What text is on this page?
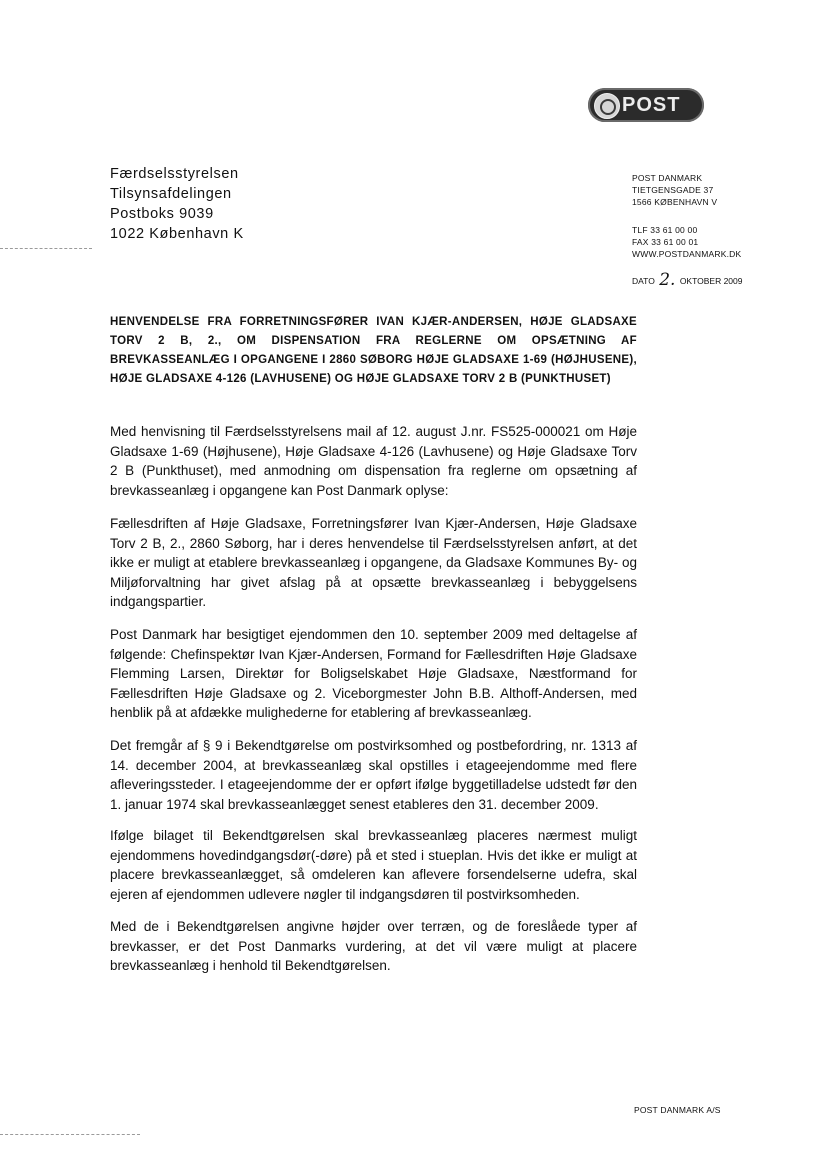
POST
Færdselsstyrelsen
Tilsynsafdelingen
Postboks 9039
1022 København K
POST DANMARK
TIETGENSGADE 37
1566 KØBENHAVN V
TLF 33 61 00 00
FAX 33 61 00 01
WWW.POSTDANMARK.DK
DATO 2. OKTOBER 2009
HENVENDELSE FRA FORRETNINGSFØRER IVAN KJÆR-ANDERSEN, HØJE GLADSAXE TORV 2 B, 2., OM DISPENSATION FRA REGLERNE OM OPSÆTNING AF BREVKASSEANLÆG I OPGANGENE I 2860 SØBORG HØJE GLADSAXE 1-69 (HØJHUSENE), HØJE GLADSAXE 4-126 (LAVHUSENE) OG HØJE GLADSAXE TORV 2 B (PUNKTHUSET)

Med henvisning til Færdselsstyrelsens mail af 12. august J.nr. FS525-000021 om Høje Gladsaxe 1-69 (Højhusene), Høje Gladsaxe 4-126 (Lavhusene) og Høje Gladsaxe Torv 2 B (Punkthuset), med anmodning om dispensation fra reglerne om opsætning af brevkasseanlæg i opgangene kan Post Danmark oplyse:

Fællesdriften af Høje Gladsaxe, Forretningsfører Ivan Kjær-Andersen, Høje Gladsaxe Torv 2 B, 2., 2860 Søborg, har i deres henvendelse til Færdselsstyrelsen anført, at det ikke er muligt at etablere brevkasseanlæg i opgangene, da Gladsaxe Kommunes By- og Miljøforvaltning har givet afslag på at opsætte brevkasseanlæg i bebyggelsens indgangspartier.

Post Danmark har besigtiget ejendommen den 10. september 2009 med deltagelse af følgende: Chefinspektør Ivan Kjær-Andersen, Formand for Fællesdriften Høje Gladsaxe Flemming Larsen, Direktør for Boligselskabet Høje Gladsaxe, Næstformand for Fællesdriften Høje Gladsaxe og 2. Viceborgmester John B.B. Althoff-Andersen, med henblik på at afdække mulighederne for etablering af brevkasseanlæg.

Det fremgår af § 9 i Bekendtgørelse om postvirksomhed og postbefordring, nr. 1313 af 14. december 2004, at brevkasseanlæg skal opstilles i etageejendomme med flere afleveringssteder. I etageejendomme der er opført ifølge byggetilladelse udstedt før den 1. januar 1974 skal brevkasseanlægget senest etableres den 31. december 2009.

Ifølge bilaget til Bekendtgørelsen skal brevkasseanlæg placeres nærmest muligt ejendommens hovedindgangsdør(-døre) på et sted i stueplan. Hvis det ikke er muligt at placere brevkasseanlægget, så omdeleren kan aflevere forsendelserne udefra, skal ejeren af ejendommen udlevere nøgler til indgangsdøren til postvirksomheden.

Med de i Bekendtgørelsen angivne højder over terræn, og de foreslåede typer af brevkasser, er det Post Danmarks vurdering, at det vil være muligt at placere brevkasseanlæg i henhold til Bekendtgørelsen.

POST DANMARK A/S
